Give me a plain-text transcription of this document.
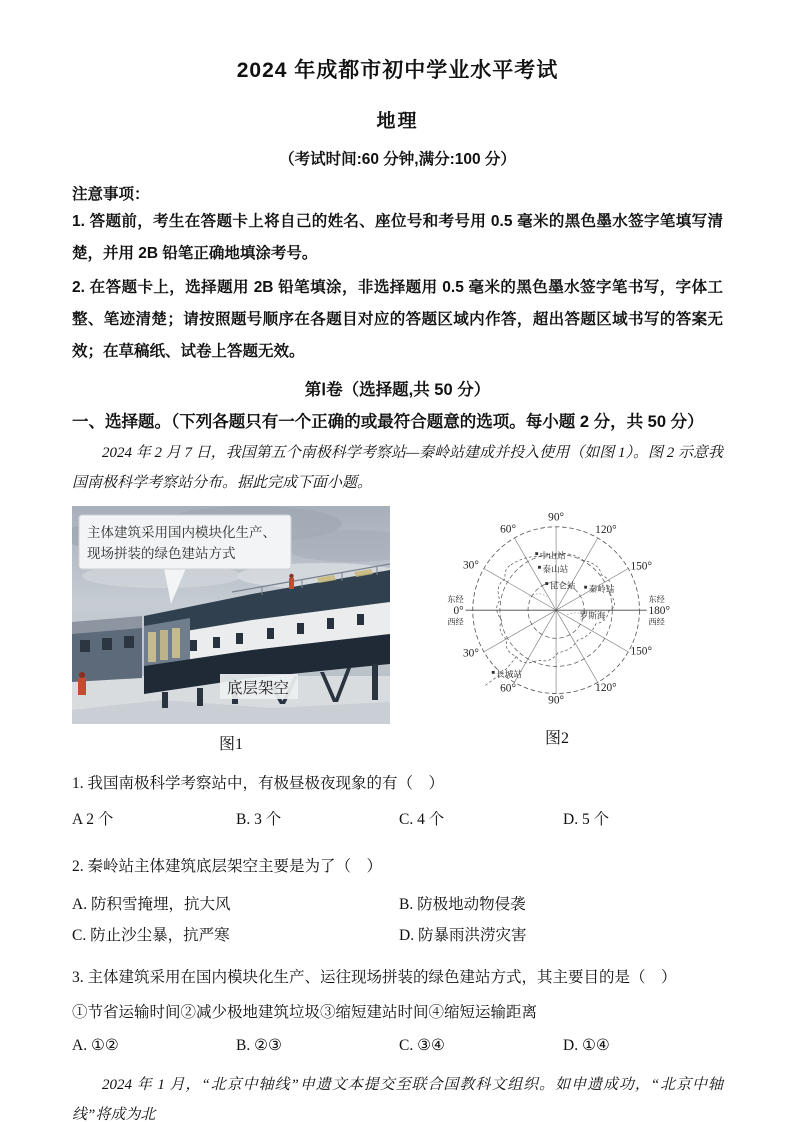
2024 年成都市初中学业水平考试
地理
（考试时间:60 分钟,满分:100 分）
注意事项：

1. 答题前，考生在答题卡上将自己的姓名、座位号和考号用 0.5 毫米的黑色墨水签字笔填写清楚，并用 2B 铅笔正确地填涂考号。

2. 在答题卡上，选择题用 2B 铅笔填涂，非选择题用 0.5 毫米的黑色墨水签字笔书写，字体工整、笔迹清楚；请按照题号顺序在各题目对应的答题区域内作答，超出答题区域书写的答案无效；在草稿纸、试卷上答题无效。

第Ⅰ卷（选择题,共 50 分）
一、选择题。（下列各题只有一个正确的或最符合题意的选项。每小题 2 分，共 50 分）

2024 年 2 月 7 日，我国第五个南极科学考察站—秦岭站建成并投入使用（如图 1）。图 2 示意我国南极科学考察站分布。据此完成下面小题。

主体建筑采用国内模块化生产、
现场拼装的绿色建站方式
底层架空
图1
90°
60°	120°
30°	150°
30°	150°
60°
90°
120°
东经
0°
西经
东经
180°
西经
中山站
泰山站
昆仑站 秦岭站
罗斯海
长城站
图2
1. 我国南极科学考察站中，有极昼极夜现象的有（　）
A 2 个	B. 3 个	C. 4 个	D. 5 个
2. 秦岭站主体建筑底层架空主要是为了（　）
A. 防积雪掩埋，抗大风	B. 防极地动物侵袭
C. 防止沙尘暴，抗严寒	D. 防暴雨洪涝灾害
3. 主体建筑采用在国内模块化生产、运往现场拼装的绿色建站方式，其主要目的是（　）
①节省运输时间②减少极地建筑垃圾③缩短建站时间④缩短运输距离
A. ①②	B. ②③	C. ③④	D. ①④

2024 年 1 月，“北京中轴线”申遗文本提交至联合国教科文组织。如申遗成功，“北京中轴线”将成为北
